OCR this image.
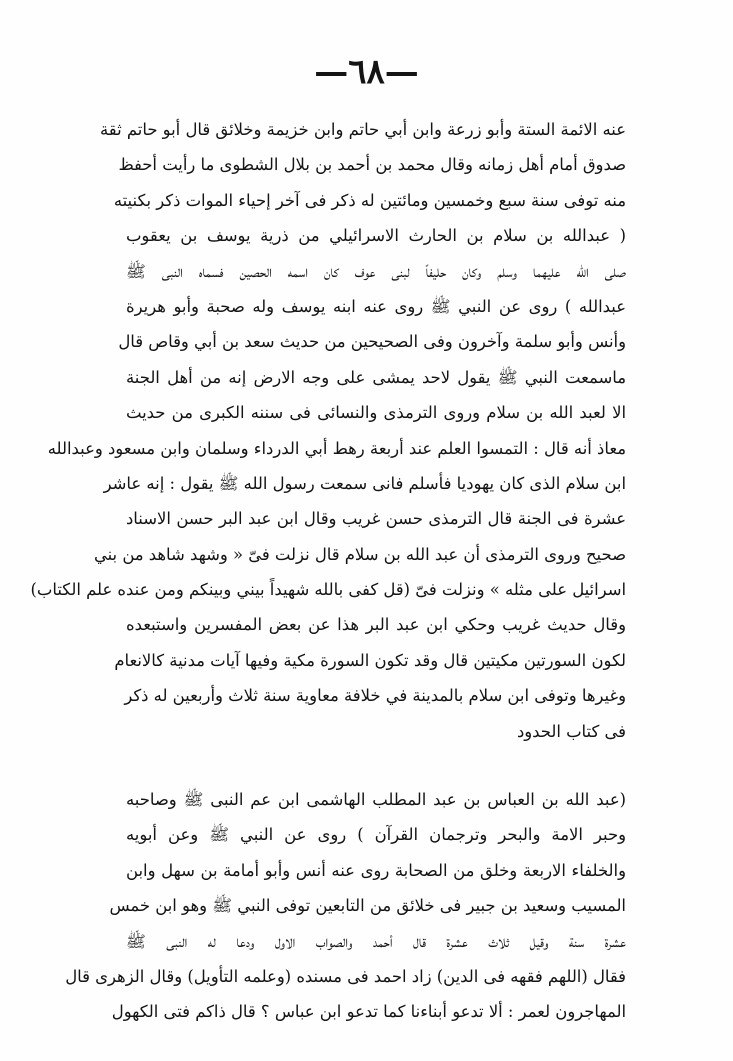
—٦٨—
عنه الائمة الستة وأبو زرعة وابن أبي حاتم وابن خزيمة وخلائق قال أبو حاتم ثقة
صدوق أمام أهل زمانه وقال محمد بن أحمد بن بلال الشطوى ما رأيت أحفظ
منه توفى سنة سبع وخمسين ومائتين له ذكر فى آخر إحياء الموات ذكر بكنيته
( عبدالله بن سلام بن الحارث الاسرائيلي من ذرية يوسف بن يعقوب
صلى الله عليهما وسلم وكان حليفاً لبنى عوف كان اسمه الحصين فسماه النبى ﷺ
عبدالله ) روى عن النبي ﷺ روى عنه ابنه يوسف وله صحبة وأبو هريرة
وأنس وأبو سلمة وآخرون وفى الصحيحين من حديث سعد بن أبي وقاص قال
ماسمعت النبي ﷺ يقول لاحد يمشى على وجه الارض إنه من أهل الجنة
الا لعبد الله بن سلام وروى الترمذى والنسائى فى سننه الكبرى من حديث
معاذ أنه قال : التمسوا العلم عند أربعة رهط أبي الدرداء وسلمان وابن مسعود وعبدالله
ابن سلام الذى كان يهوديا فأسلم فانى سمعت رسول الله ﷺ يقول : إنه عاشر
عشرة فى الجنة قال الترمذى حسن غريب وقال ابن عبد البر حسن الاسناد
صحيح وروى الترمذى أن عبد الله بن سلام قال نزلت فىّ « وشهد شاهد من بني
اسرائيل على مثله » ونزلت فىّ (قل كفى بالله شهيداً بيني وبينكم ومن عنده علم الكتاب)
وقال حديث غريب وحكي ابن عبد البر هذا عن بعض المفسرين واستبعده
لكون السورتين مكيتين قال وقد تكون السورة مكية وفيها آيات مدنية كالانعام
وغيرها وتوفى ابن سلام بالمدينة في خلافة معاوية سنة ثلاث وأربعين له ذكر
فى كتاب الحدود
(عبد الله بن العباس بن عبد المطلب الهاشمى ابن عم النبى ﷺ وصاحبه
وحبر الامة والبحر وترجمان القرآن ) روى عن النبي ﷺ وعن أبويه
والخلفاء الاربعة وخلق من الصحابة روى عنه أنس وأبو أمامة بن سهل وابن
المسيب وسعيد بن جبير فى خلائق من التابعين توفى النبي ﷺ وهو ابن خمس
عشرة سنة وقيل ثلاث عشرة قال أحمد والصواب الاول ودعا له النبى ﷺ
فقال (اللهم فقهه فى الدين) زاد احمد فى مسنده (وعلمه التأويل) وقال الزهرى قال
المهاجرون لعمر : ألا تدعو أبناءنا كما تدعو ابن عباس ؟ قال ذاكم فتى الكهول
